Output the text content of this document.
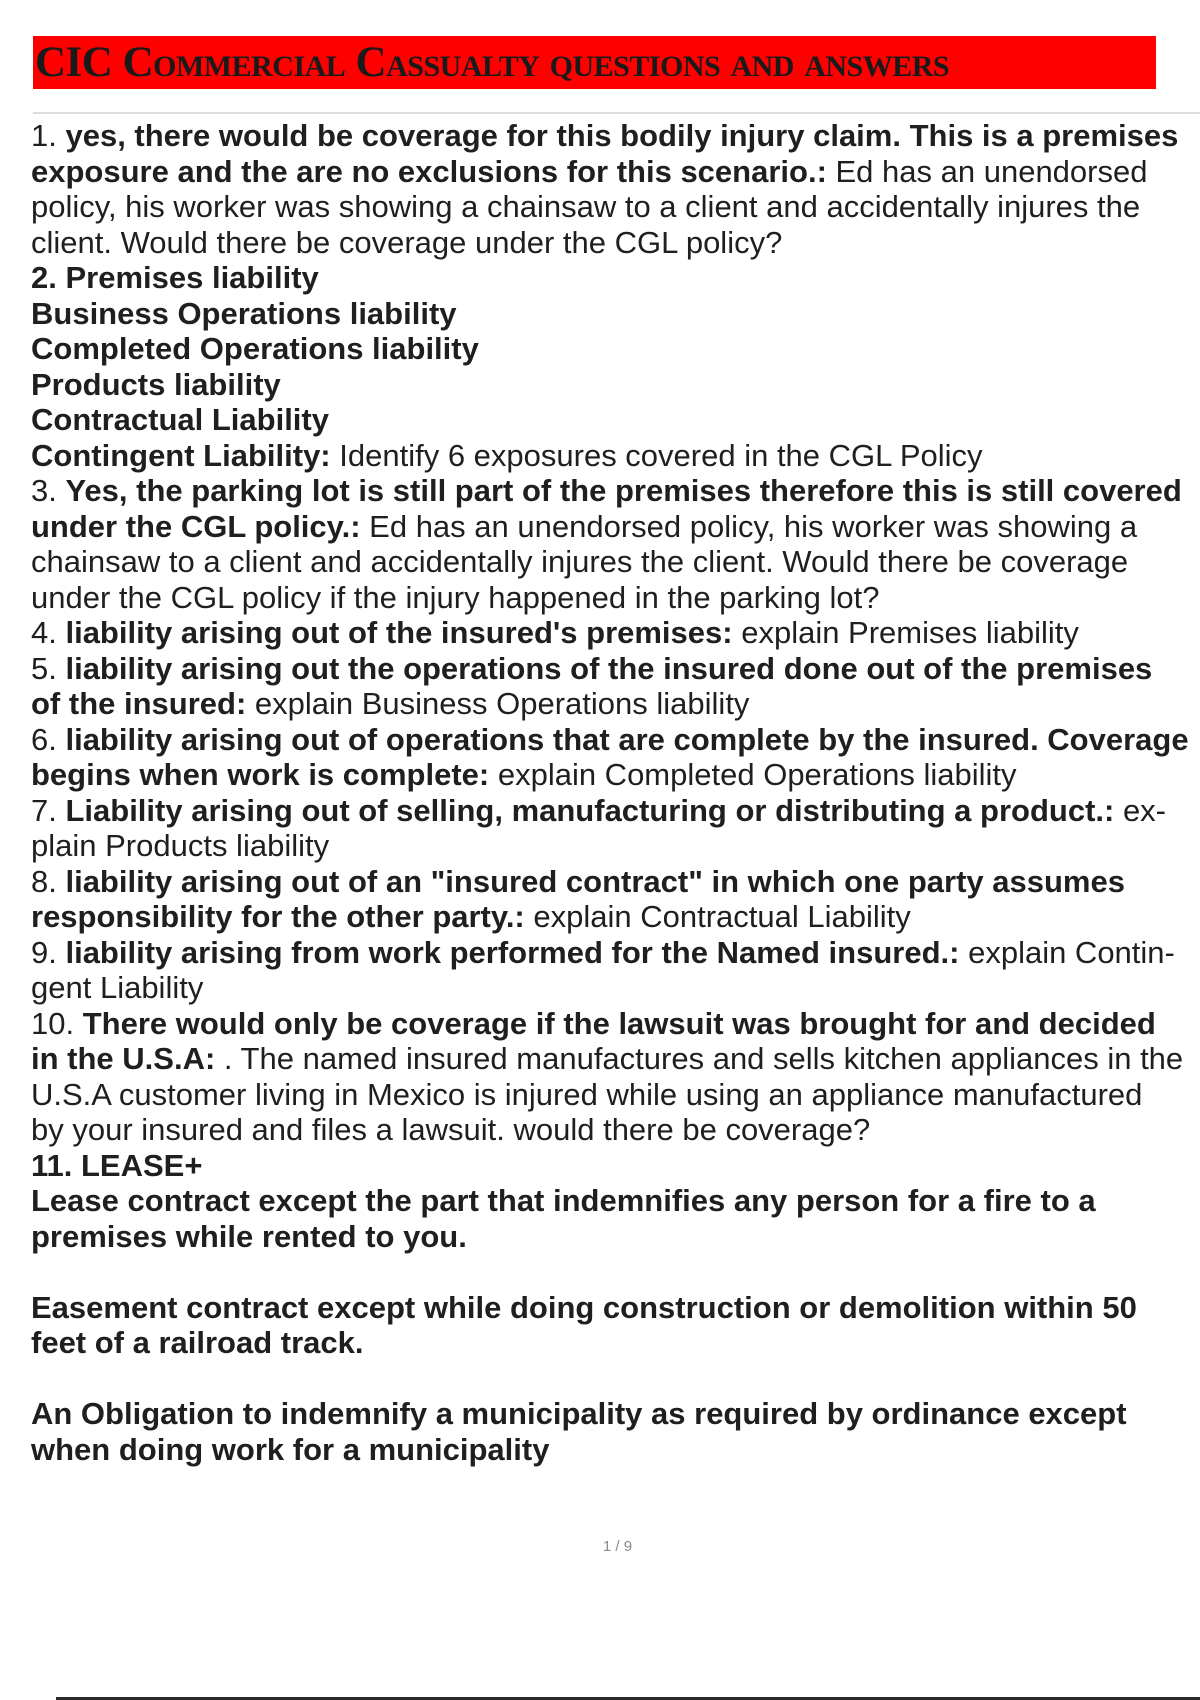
CIC Commercial Cassualty questions and answers
1. yes, there would be coverage for this bodily injury claim. This is a premises
exposure and the are no exclusions for this scenario.: Ed has an unendorsed
policy, his worker was showing a chainsaw to a client and accidentally injures the
client. Would there be coverage under the CGL policy?
2. Premises liability
Business Operations liability
Completed Operations liability
Products liability
Contractual Liability
Contingent Liability: Identify 6 exposures covered in the CGL Policy
3. Yes, the parking lot is still part of the premises therefore this is still covered
under the CGL policy.: Ed has an unendorsed policy, his worker was showing a
chainsaw to a client and accidentally injures the client. Would there be coverage
under the CGL policy if the injury happened in the parking lot?
4. liability arising out of the insured's premises: explain Premises liability
5. liability arising out the operations of the insured done out of the premises
of the insured: explain Business Operations liability
6. liability arising out of operations that are complete by the insured. Coverage
begins when work is complete: explain Completed Operations liability
7. Liability arising out of selling, manufacturing or distributing a product.: ex-
plain Products liability
8. liability arising out of an "insured contract" in which one party assumes
responsibility for the other party.: explain Contractual Liability
9. liability arising from work performed for the Named insured.: explain Contin-
gent Liability
10. There would only be coverage if the lawsuit was brought for and decided
in the U.S.A: . The named insured manufactures and sells kitchen appliances in the
U.S.A customer living in Mexico is injured while using an appliance manufactured
by your insured and files a lawsuit. would there be coverage?
11. LEASE+
Lease contract except the part that indemnifies any person for a fire to a
premises while rented to you.
Easement contract except while doing construction or demolition within 50
feet of a railroad track.
An Obligation to indemnify a municipality as required by ordinance except
when doing work for a municipality
1 / 9
